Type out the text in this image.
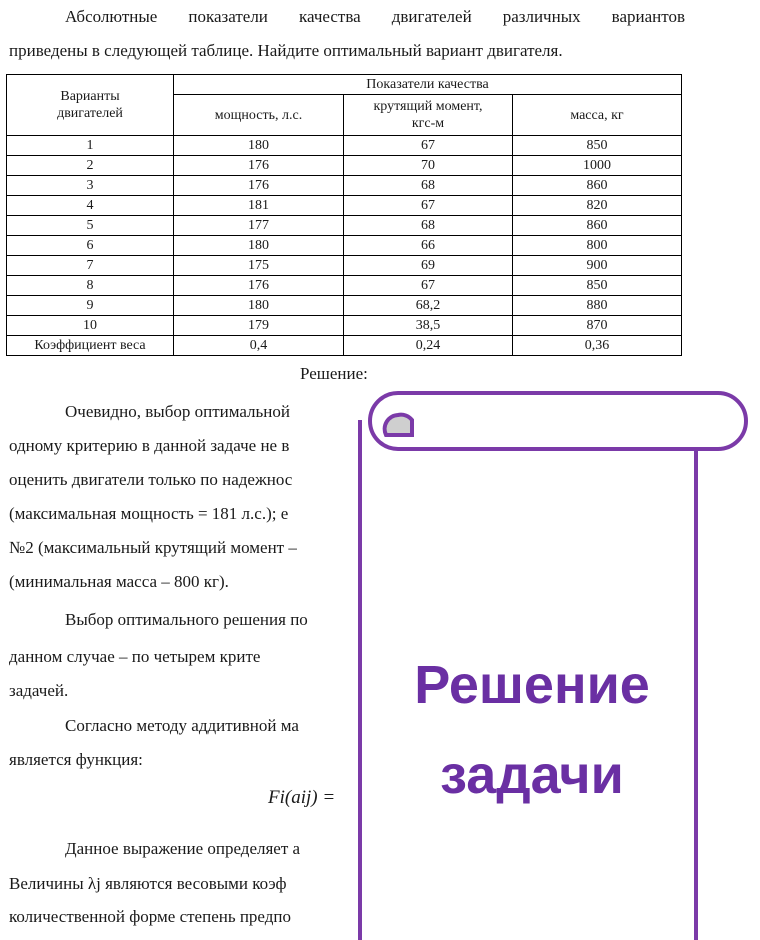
Абсолютные показатели качества двигателей различных вариантов

приведены в следующей таблице. Найдите оптимальный вариант двигателя.

Варианты двигателей	Показатели качества		
	мощность, л.с.	крутящий момент, кгс-м	масса, кг
1	180	67	850
2	176	70	1000
3	176	68	860
4	181	67	820
5	177	68	860
6	180	66	800
7	175	69	900
8	176	67	850
9	180	68,2	880
10	179	38,5	870
Коэффициент веса	0,4	0,24	0,36
Решение:

Очевидно, выбор оптимальной

одному критерию в данной задаче не в

оценить двигатели только по надежнос

(максимальная мощность = 181 л.с.); е

№2 (максимальный крутящий момент –

(минимальная масса – 800 кг).

Выбор оптимального решения по

данном случае – по четырем крите

задачей.

Согласно методу аддитивной ма

является функция:

Fi(aij) =

Данное выражение определяет а

Величины λj являются весовыми коэф

количественной форме степень предпо

Решение
задачи
